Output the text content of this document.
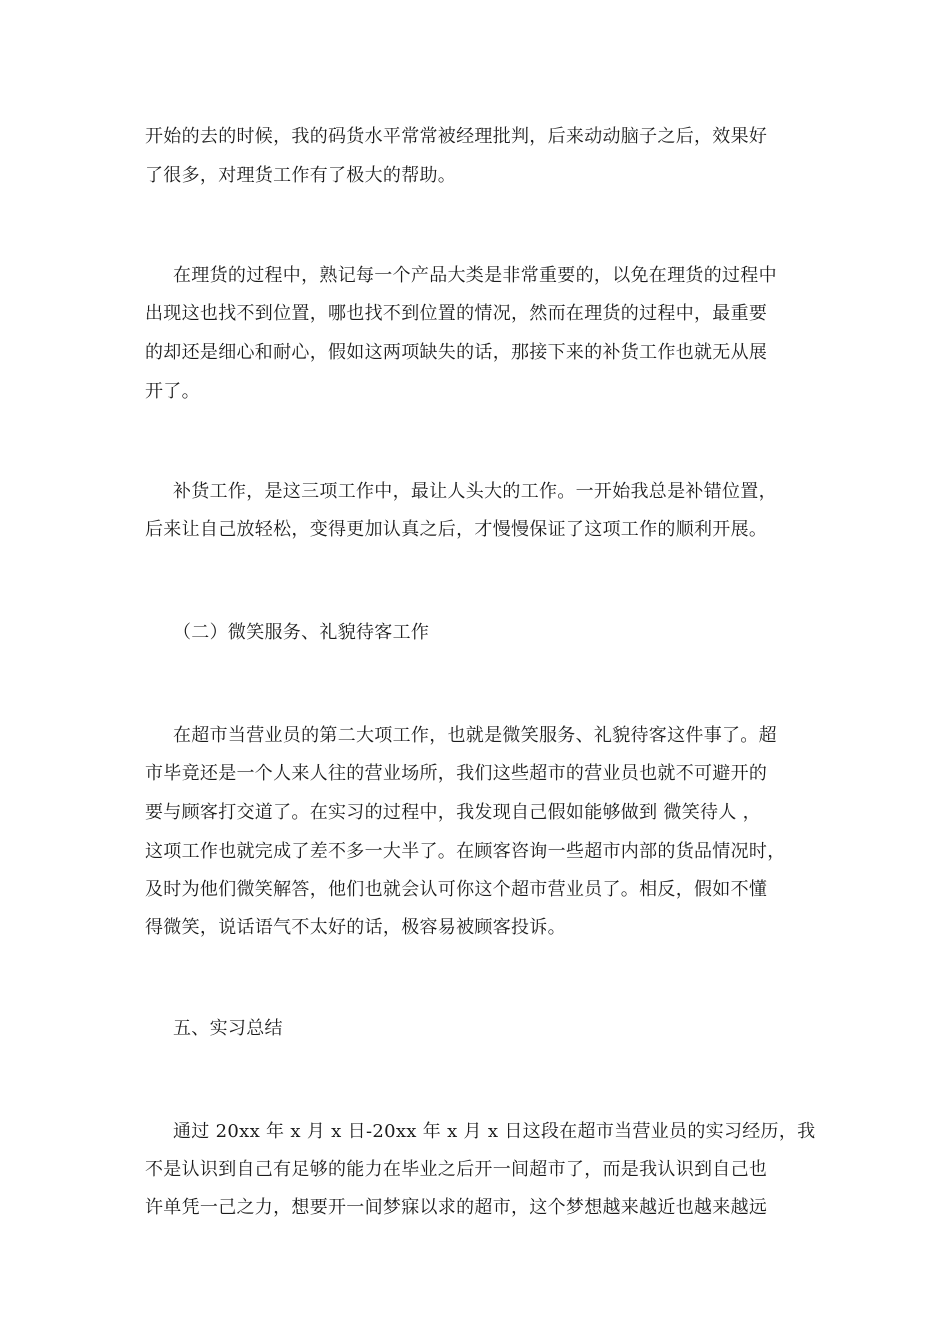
开始的去的时候，我的码货水平常常被经理批判，后来动动脑子之后，效果好
了很多，对理货工作有了极大的帮助。
在理货的过程中，熟记每一个产品大类是非常重要的，以免在理货的过程中
出现这也找不到位置，哪也找不到位置的情况，然而在理货的过程中，最重要
的却还是细心和耐心，假如这两项缺失的话，那接下来的补货工作也就无从展
开了。
补货工作，是这三项工作中，最让人头大的工作。一开始我总是补错位置，
后来让自己放轻松，变得更加认真之后，才慢慢保证了这项工作的顺利开展。
（二）微笑服务、礼貌待客工作
在超市当营业员的第二大项工作，也就是微笑服务、礼貌待客这件事了。超
市毕竟还是一个人来人往的营业场所，我们这些超市的营业员也就不可避开的
要与顾客打交道了。在实习的过程中，我发现自己假如能够做到 微笑待人 ，
这项工作也就完成了差不多一大半了。在顾客咨询一些超市内部的货品情况时，
及时为他们微笑解答，他们也就会认可你这个超市营业员了。相反，假如不懂
得微笑，说话语气不太好的话，极容易被顾客投诉。
五、实习总结
通过 20xx 年 x 月 x 日-20xx 年 x 月 x 日这段在超市当营业员的实习经历，我
不是认识到自己有足够的能力在毕业之后开一间超市了，而是我认识到自己也
许单凭一己之力，想要开一间梦寐以求的超市，这个梦想越来越近也越来越远
